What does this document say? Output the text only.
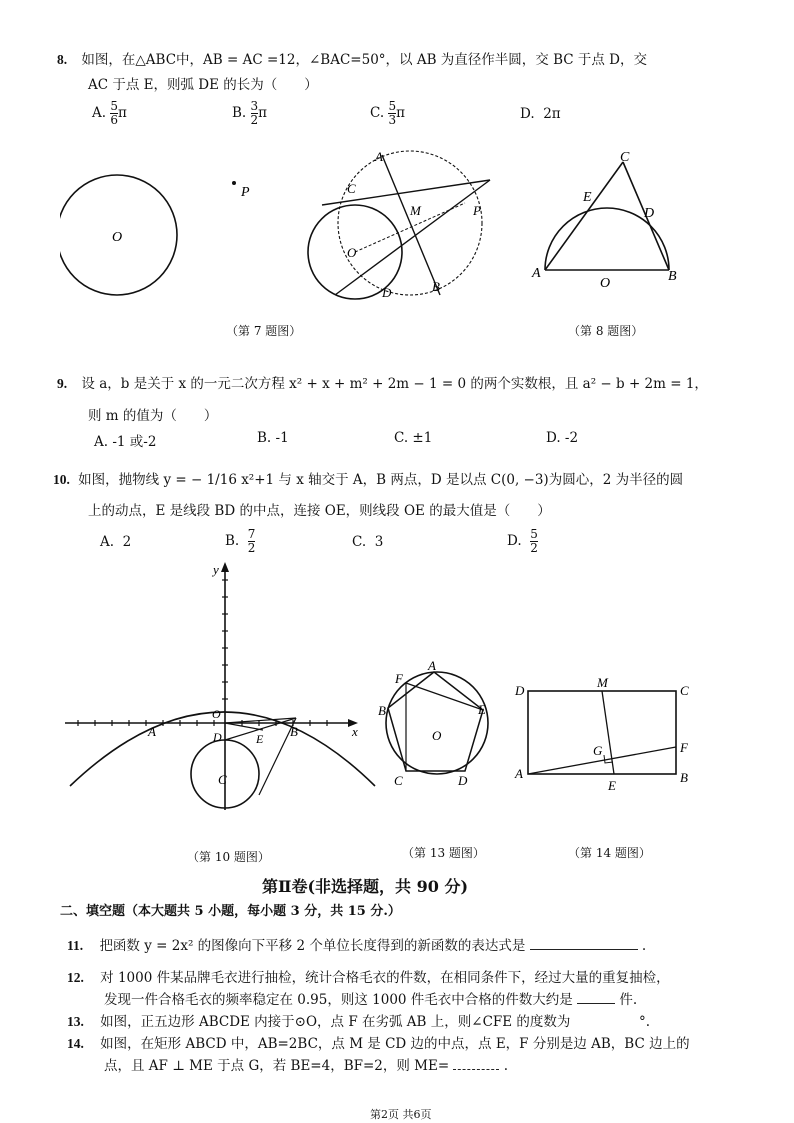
8. 如图，在△ABC中，AB = AC =12，∠BAC=50°，以 AB 为直径作半圆，交 BC 于点 D，交
AC 于点 E，则弧 DE 的长为（　　）
A. $\frac{5}{6}$ π	B. $\frac{3}{2}$ π	C. $\frac{5}{3}$ π	D.  2π
O
P
A
C
M	P
O
D	B
C
E
D
A
O	B
（第 7 题图）	（第 8 题图）
9. 设 a，b 是关于 x 的一元二次方程 x² + x + m² + 2m − 1 = 0 的两个实数根，且 a² − b + 2m = 1，
则 m 的值为（　　）
A. -1 或-2	B. -1	C. ±1	D. -2
10. 如图，抛物线 y = − 1/16 x²+1 与 x 轴交于 A，B 两点，D 是以点 C(0, −3)为圆心，2 为半径的圆
上的动点，E 是线段 BD 的中点，连接 OE，则线段 OE 的最大值是（　　）
A.  2	B. $\frac{7}{2}$	C.  3	D. $\frac{5}{2}$
y
x
O
A	B
D	E
C
F
A
B	E
O
C	D
D
M
C
G	F
A
E
B
（第 10 题图）	（第 13 题图）	（第 14 题图）
第Ⅱ卷(非选择题，共 90 分)
二、填空题（本大题共 5 小题，每小题 3 分，共 15 分.）
11. 把函数 y = 2x² 的图像向下平移 2 个单位长度得到的新函数的表达式是	.
12. 对 1000 件某品牌毛衣进行抽检，统计合格毛衣的件数，在相同条件下，经过大量的重复抽检，
发现一件合格毛衣的频率稳定在 0.95，则这 1000 件毛衣中合格的件数大约是	件.
13. 如图，正五边形 ABCDE 内接于⊙O，点 F 在劣弧 AB 上，则∠CFE 的度数为	°.
14. 如图，在矩形 ABCD 中，AB=2BC，点 M 是 CD 边的中点，点 E，F 分别是边 AB，BC 边上的
点，且 AF ⊥ ME 于点 G，若 BE=4，BF=2，则 ME=	.
第2页 共6页
